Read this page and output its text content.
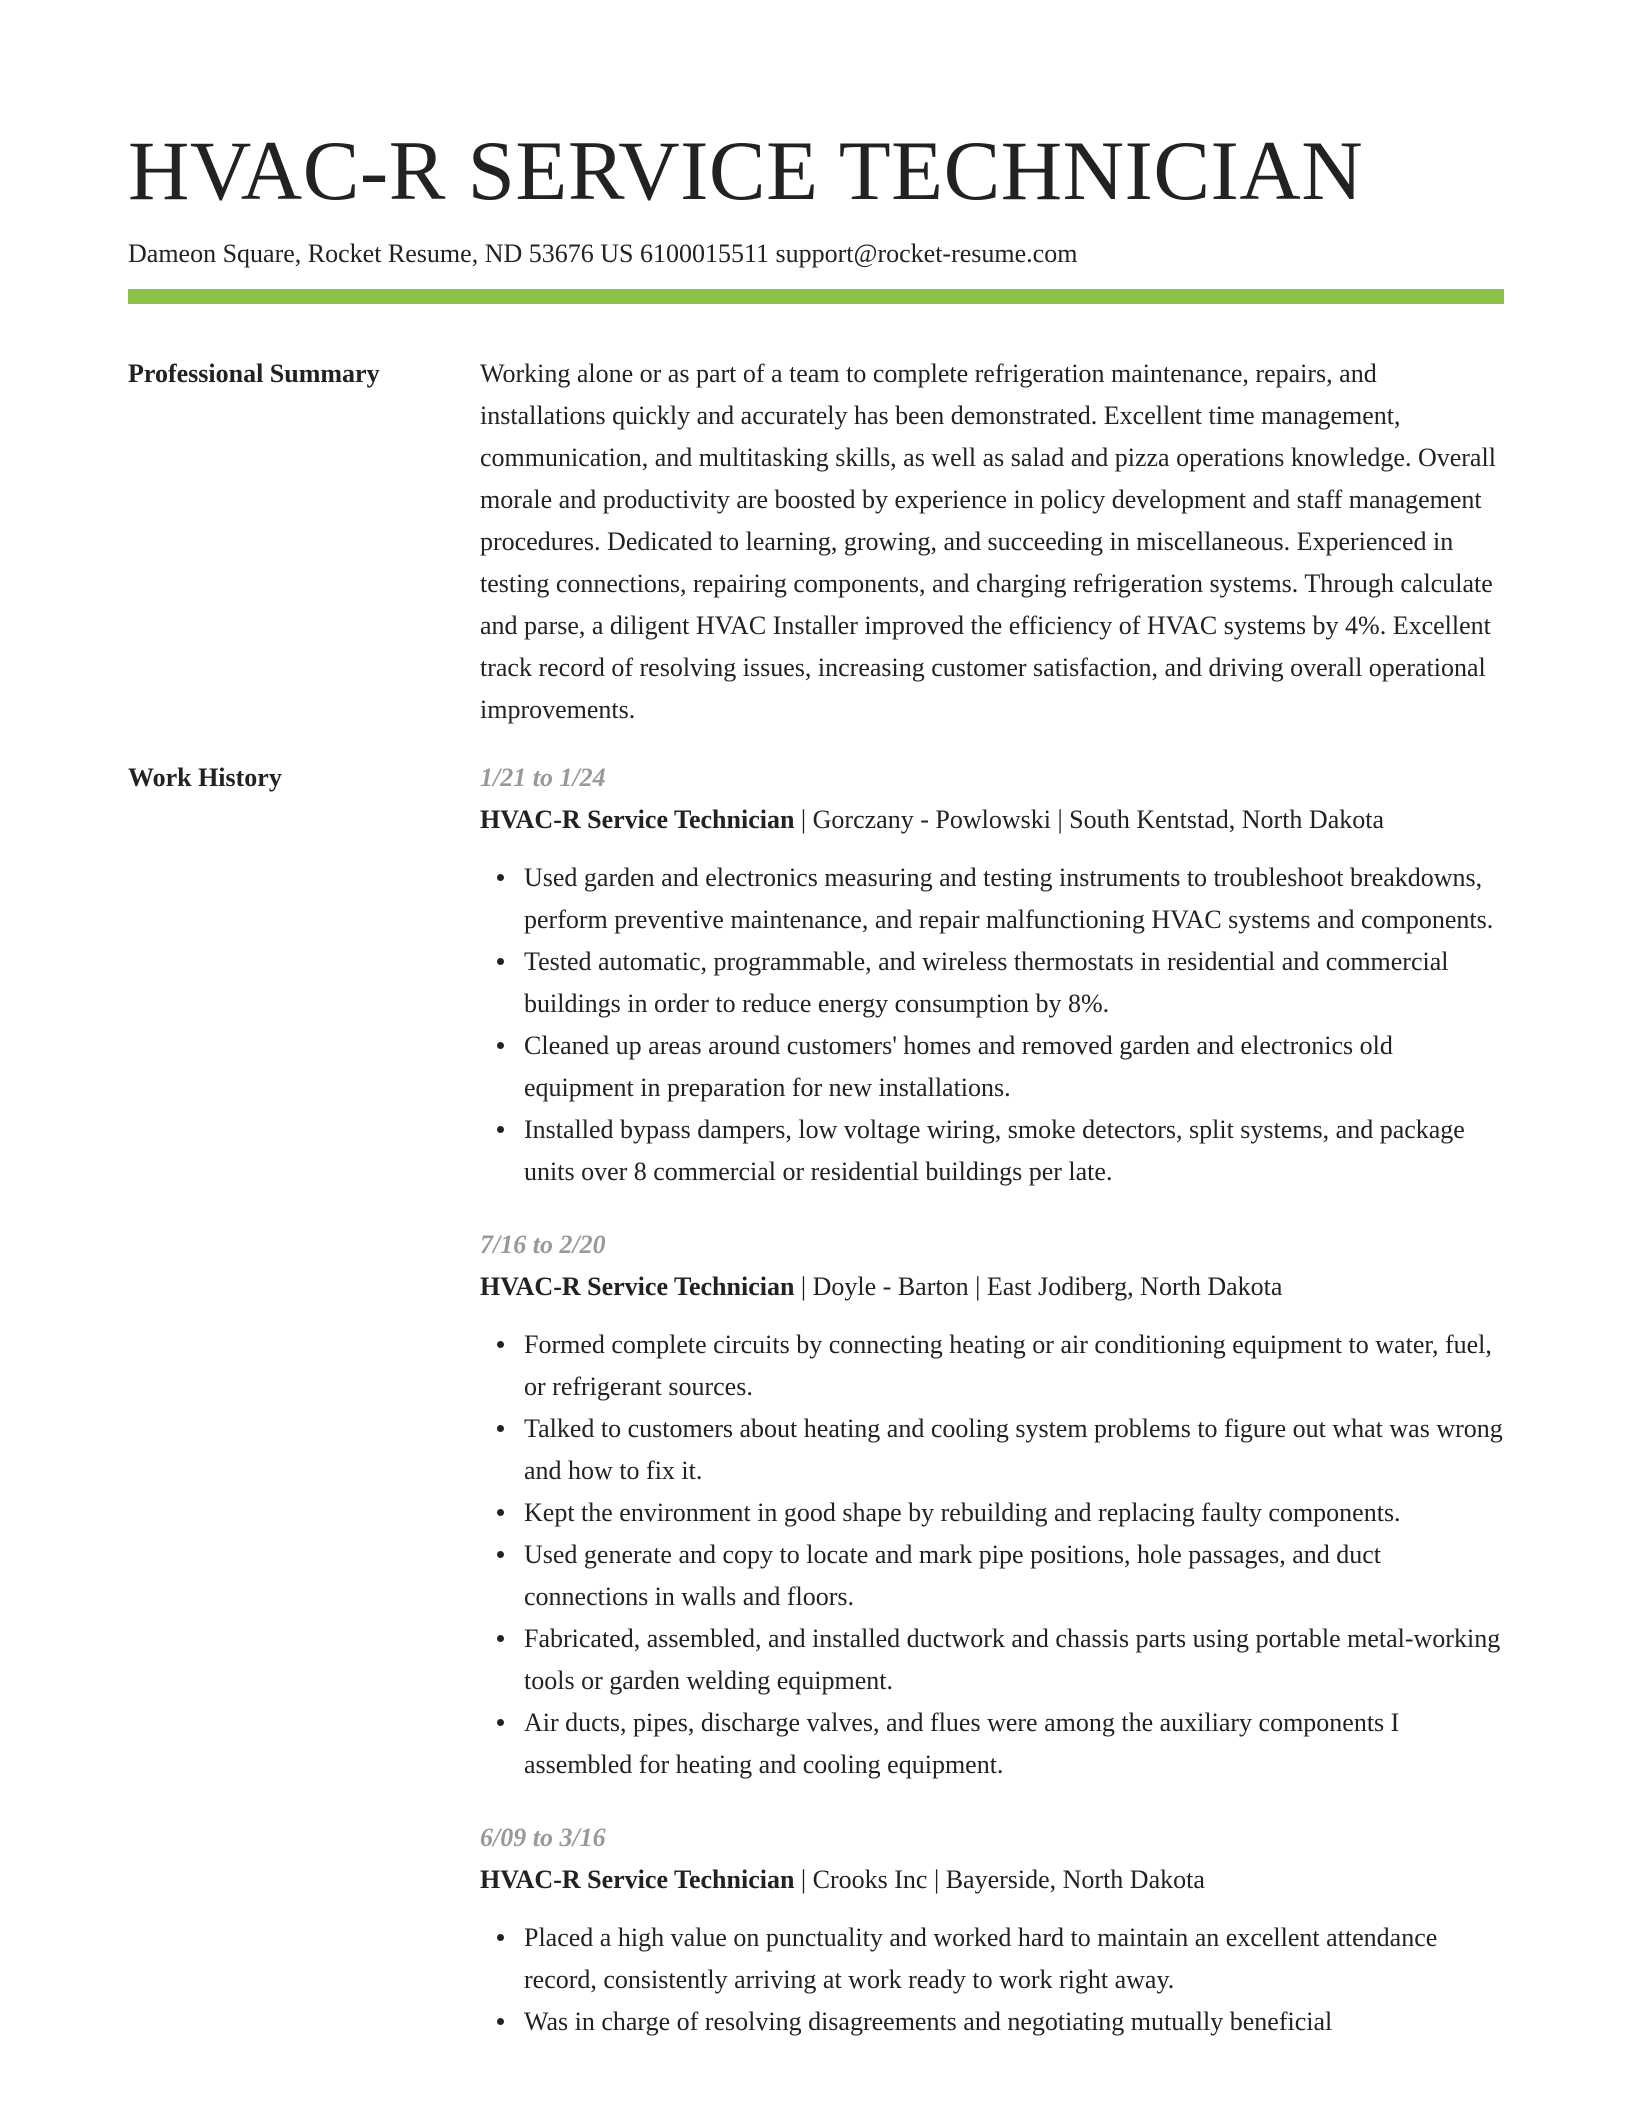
HVAC-R SERVICE TECHNICIAN
Dameon Square, Rocket Resume, ND 53676 US 6100015511 support@rocket-resume.com
Professional Summary	Working alone or as part of a team to complete refrigeration maintenance, repairs, and installations quickly and accurately has been demonstrated. Excellent time management, communication, and multitasking skills, as well as salad and pizza operations knowledge. Overall morale and productivity are boosted by experience in policy development and staff management procedures. Dedicated to learning, growing, and succeeding in miscellaneous. Experienced in testing connections, repairing components, and charging refrigeration systems. Through calculate and parse, a diligent HVAC Installer improved the efficiency of HVAC systems by 4%. Excellent track record of resolving issues, increasing customer satisfaction, and driving overall operational improvements.

Work History	1/21 to 1/24
HVAC-R Service Technician | Gorczany - Powlowski | South Kentstad, North Dakota
Used garden and electronics measuring and testing instruments to troubleshoot breakdowns, perform preventive maintenance, and repair malfunctioning HVAC systems and components.
Tested automatic, programmable, and wireless thermostats in residential and commercial buildings in order to reduce energy consumption by 8%.
Cleaned up areas around customers' homes and removed garden and electronics old equipment in preparation for new installations.
Installed bypass dampers, low voltage wiring, smoke detectors, split systems, and package units over 8 commercial or residential buildings per late.
7/16 to 2/20
HVAC-R Service Technician | Doyle - Barton | East Jodiberg, North Dakota
Formed complete circuits by connecting heating or air conditioning equipment to water, fuel, or refrigerant sources.
Talked to customers about heating and cooling system problems to figure out what was wrong and how to fix it.
Kept the environment in good shape by rebuilding and replacing faulty components.
Used generate and copy to locate and mark pipe positions, hole passages, and duct connections in walls and floors.
Fabricated, assembled, and installed ductwork and chassis parts using portable metal-working tools or garden welding equipment.
Air ducts, pipes, discharge valves, and flues were among the auxiliary components I assembled for heating and cooling equipment.
6/09 to 3/16
HVAC-R Service Technician | Crooks Inc | Bayerside, North Dakota
Placed a high value on punctuality and worked hard to maintain an excellent attendance record, consistently arriving at work ready to work right away.
Was in charge of resolving disagreements and negotiating mutually beneficial
